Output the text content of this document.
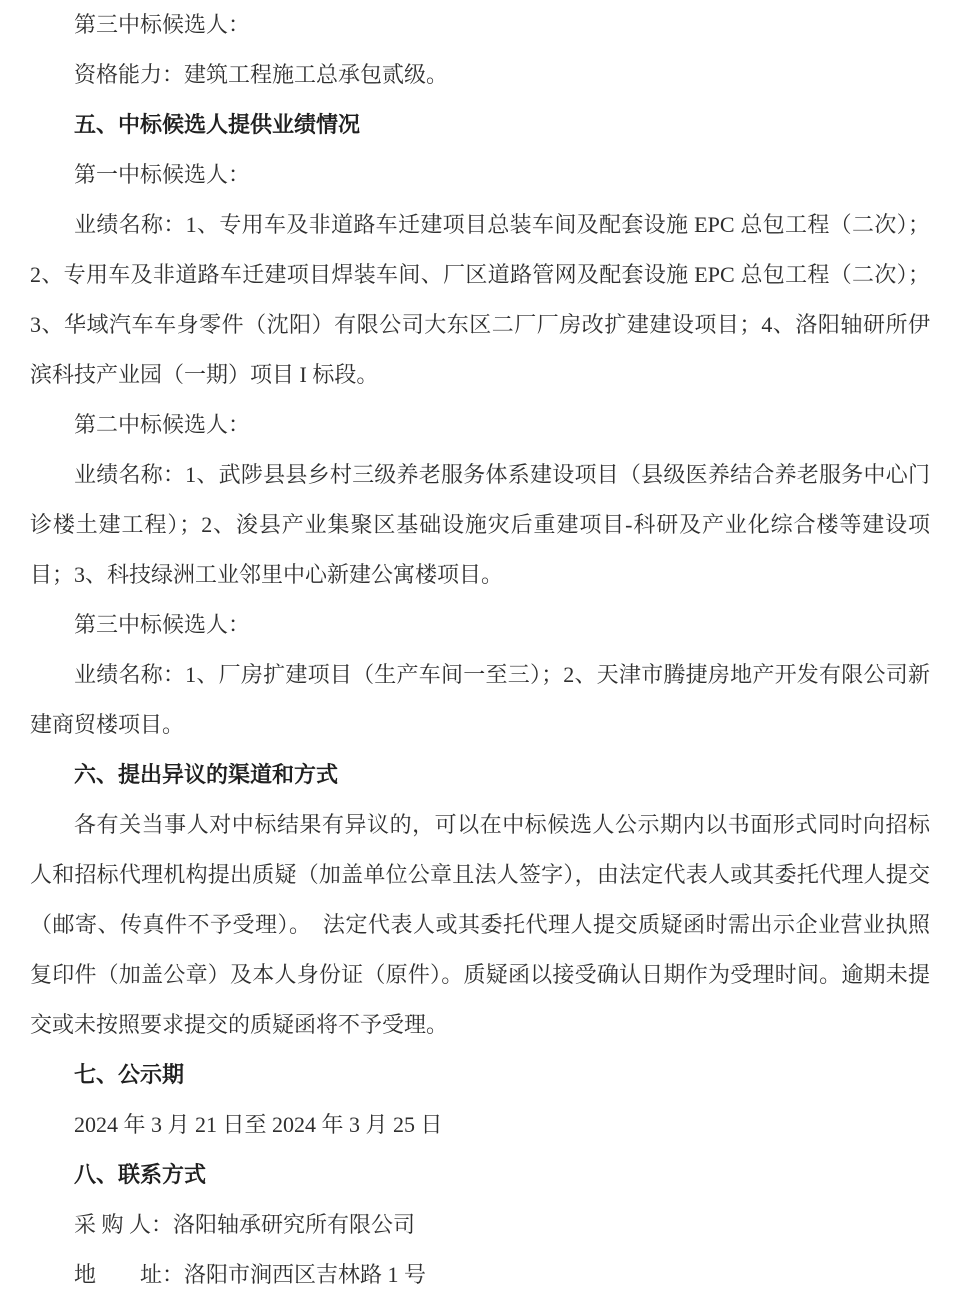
第三中标候选人：

资格能力：建筑工程施工总承包贰级。

五、中标候选人提供业绩情况

第一中标候选人：

业绩名称：1、专用车及非道路车迁建项目总装车间及配套设施 EPC 总包工程（二次）；2、专用车及非道路车迁建项目焊装车间、厂区道路管网及配套设施 EPC 总包工程（二次）；3、华域汽车车身零件（沈阳）有限公司大东区二厂厂房改扩建建设项目；4、洛阳轴研所伊滨科技产业园（一期）项目 I 标段。

第二中标候选人：

业绩名称：1、武陟县县乡村三级养老服务体系建设项目（县级医养结合养老服务中心门诊楼土建工程）；2、浚县产业集聚区基础设施灾后重建项目-科研及产业化综合楼等建设项目；3、科技绿洲工业邻里中心新建公寓楼项目。

第三中标候选人：

业绩名称：1、厂房扩建项目（生产车间一至三）；2、天津市腾捷房地产开发有限公司新建商贸楼项目。

六、提出异议的渠道和方式

各有关当事人对中标结果有异议的，可以在中标候选人公示期内以书面形式同时向招标人和招标代理机构提出质疑（加盖单位公章且法人签字），由法定代表人或其委托代理人提交（邮寄、传真件不予受理）。　法定代表人或其委托代理人提交质疑函时需出示企业营业执照复印件（加盖公章）及本人身份证（原件）。质疑函以接受确认日期作为受理时间。逾期未提交或未按照要求提交的质疑函将不予受理。

七、公示期

2024 年 3 月 21 日至 2024 年 3 月 25 日

八、联系方式

采 购 人：洛阳轴承研究所有限公司

地　　址：洛阳市涧西区吉林路 1 号
